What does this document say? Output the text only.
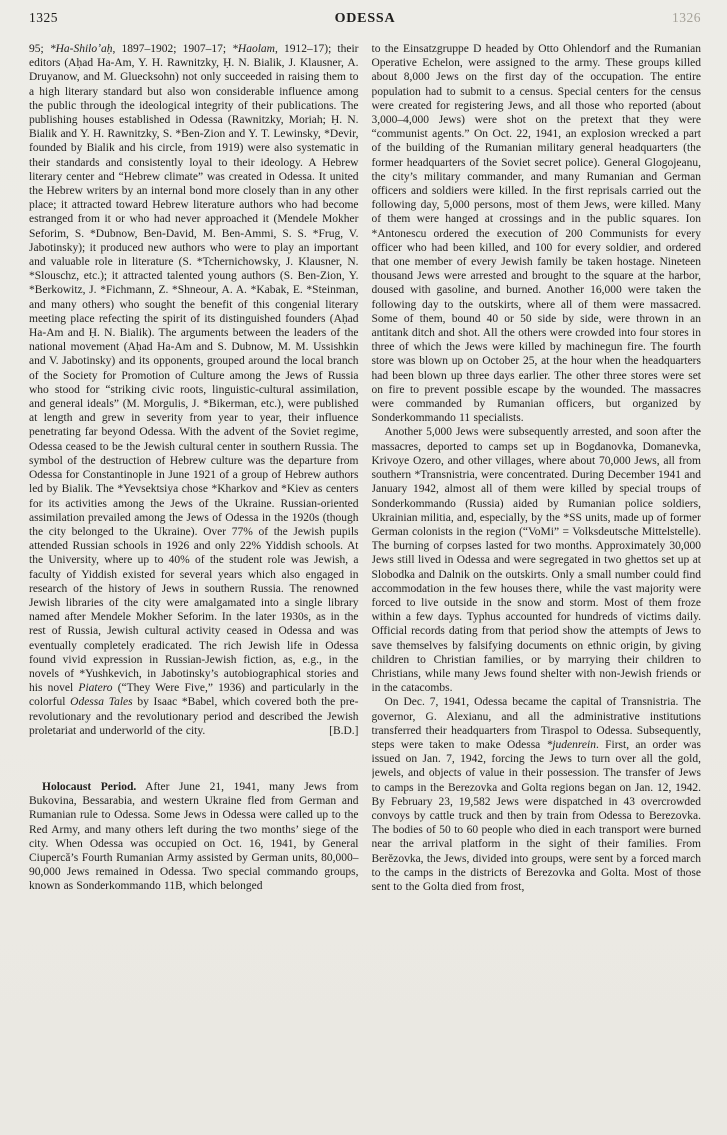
1325	ODESSA	1326

95; *Ha-Shiloʼaḥ, 1897–1902; 1907–17; *Haolam, 1912–17); their editors (Aḥad Ha-Am, Y. H. Rawnitzky, Ḥ. N. Bialik, J. Klausner, A. Druyanow, and M. Gluecksohn) not only succeeded in raising them to a high literary standard but also won considerable influence among the public through the ideological integrity of their publications. The publishing houses established in Odessa (Rawnitzky, Moriah; Ḥ. N. Bialik and Y. H. Rawnitzky, S. *Ben-Zion and Y. T. Lewinsky, *Devir, founded by Bialik and his circle, from 1919) were also systematic in their standards and consistently loyal to their ideology. A Hebrew literary center and “Hebrew climate” was created in Odessa. It united the Hebrew writers by an internal bond more closely than in any other place; it attracted toward Hebrew literature authors who had become estranged from it or who had never approached it (Mendele Mokher Seforim, S. *Dubnow, Ben-David, M. Ben-Ammi, S. S. *Frug, V. Jabotinsky); it produced new authors who were to play an important and valuable role in literature (S. *Tchernichowsky, J. Klausner, N. *Slouschz, etc.); it attracted talented young authors (S. Ben-Zion, Y. *Berkowitz, J. *Fichmann, Z. *Shneour, A. A. *Kabak, E. *Steinman, and many others) who sought the benefit of this congenial literary meeting place refecting the spirit of its distinguished founders (Aḥad Ha-Am and Ḥ. N. Bialik). The arguments between the leaders of the national movement (Aḥad Ha-Am and S. Dubnow, M. M. Ussishkin and V. Jabotinsky) and its opponents, grouped around the local branch of the Society for Promotion of Culture among the Jews of Russia who stood for “striking civic roots, linguistic-cultural assimilation, and general ideals” (M. Morgulis, J. *Bikerman, etc.), were published at length and grew in severity from year to year, their influence penetrating far beyond Odessa. With the advent of the Soviet regime, Odessa ceased to be the Jewish cultural center in southern Russia. The symbol of the destruction of Hebrew culture was the departure from Odessa for Constantinople in June 1921 of a group of Hebrew authors led by Bialik. The *Yevsektsiya chose *Kharkov and *Kiev as centers for its activities among the Jews of the Ukraine. Russian-oriented assimilation prevailed among the Jews of Odessa in the 1920s (though the city belonged to the Ukraine). Over 77% of the Jewish pupils attended Russian schools in 1926 and only 22% Yiddish schools. At the University, where up to 40% of the student role was Jewish, a faculty of Yiddish existed for several years which also engaged in research of the history of Jews in southern Russia. The renowned Jewish libraries of the city were amalgamated into a single library named after Mendele Mokher Seforim. In the later 1930s, as in the rest of Russia, Jewish cultural activity ceased in Odessa and was eventually completely eradicated. The rich Jewish life in Odessa found vivid expression in Russian-Jewish fiction, as, e.g., in the novels of *Yushkevich, in Jabotinsky’s autobiographical stories and his novel Piatero (“They Were Five,” 1936) and particularly in the colorful Odessa Tales by Isaac *Babel, which covered both the pre-revolutionary and the revolutionary period and described the Jewish proletariat and underworld of the city.	[B.D.]

Holocaust Period. After June 21, 1941, many Jews from Bukovina, Bessarabia, and western Ukraine fled from German and Rumanian rule to Odessa. Some Jews in Odessa were called up to the Red Army, and many others left during the two months’ siege of the city. When Odessa was occupied on Oct. 16, 1941, by General Ciupercă’s Fourth Rumanian Army assisted by German units, 80,000–90,000 Jews remained in Odessa. Two special commando groups, known as Sonderkommando 11B, which belonged

to the Einsatzgruppe D headed by Otto Ohlendorf and the Rumanian Operative Echelon, were assigned to the army. These groups killed about 8,000 Jews on the first day of the occupation. The entire population had to submit to a census. Special centers for the census were created for registering Jews, and all those who reported (about 3,000–4,000 Jews) were shot on the pretext that they were “communist agents.” On Oct. 22, 1941, an explosion wrecked a part of the building of the Rumanian military general headquarters (the former headquarters of the Soviet secret police). General Glogojeanu, the city’s military commander, and many Rumanian and German officers and soldiers were killed. In the first reprisals carried out the following day, 5,000 persons, most of them Jews, were killed. Many of them were hanged at crossings and in the public squares. Ion *Antonescu ordered the execution of 200 Communists for every officer who had been killed, and 100 for every soldier, and ordered that one member of every Jewish family be taken hostage. Nineteen thousand Jews were arrested and brought to the square at the harbor, doused with gasoline, and burned. Another 16,000 were taken the following day to the outskirts, where all of them were massacred. Some of them, bound 40 or 50 side by side, were thrown in an antitank ditch and shot. All the others were crowded into four stores in three of which the Jews were killed by machinegun fire. The fourth store was blown up on October 25, at the hour when the headquarters had been blown up three days earlier. The other three stores were set on fire to prevent possible escape by the wounded. The massacres were commanded by Rumanian officers, but organized by Sonderkommando 11 specialists.

Another 5,000 Jews were subsequently arrested, and soon after the massacres, deported to camps set up in Bogdanovka, Domanevka, Krivoye Ozero, and other villages, where about 70,000 Jews, all from southern *Transnistria, were concentrated. During December 1941 and January 1942, almost all of them were killed by special troups of Sonderkommando (Russia) aided by Rumanian police soldiers, Ukrainian militia, and, especially, by the *SS units, made up of former German colonists in the region (“VoMi” = Volksdeutsche Mittelstelle). The burning of corpses lasted for two months. Approximately 30,000 Jews still lived in Odessa and were segregated in two ghettos set up at Slobodka and Dalnik on the outskirts. Only a small number could find accommodation in the few houses there, while the vast majority were forced to live outside in the snow and storm. Most of them froze within a few days. Typhus accounted for hundreds of victims daily. Official records dating from that period show the attempts of Jews to save themselves by falsifying documents on ethnic origin, by giving children to Christian families, or by marrying their children to Christians, while many Jews found shelter with non-Jewish friends or in the catacombs.

On Dec. 7, 1941, Odessa became the capital of Transnistria. The governor, G. Alexianu, and all the administrative institutions transferred their headquarters from Tiraspol to Odessa. Subsequently, steps were taken to make Odessa *judenrein. First, an order was issued on Jan. 7, 1942, forcing the Jews to turn over all the gold, jewels, and objects of value in their possession. The transfer of Jews to camps in the Berezovka and Golta regions began on Jan. 12, 1942. By February 23, 19,582 Jews were dispatched in 43 overcrowded convoys by cattle truck and then by train from Odessa to Berezovka. The bodies of 50 to 60 people who died in each transport were burned near the arrival platform in the sight of their families. From Berĕzovka, the Jews, divided into groups, were sent by a forced march to the camps in the districts of Berezovka and Golta. Most of those sent to the Golta died from frost,
